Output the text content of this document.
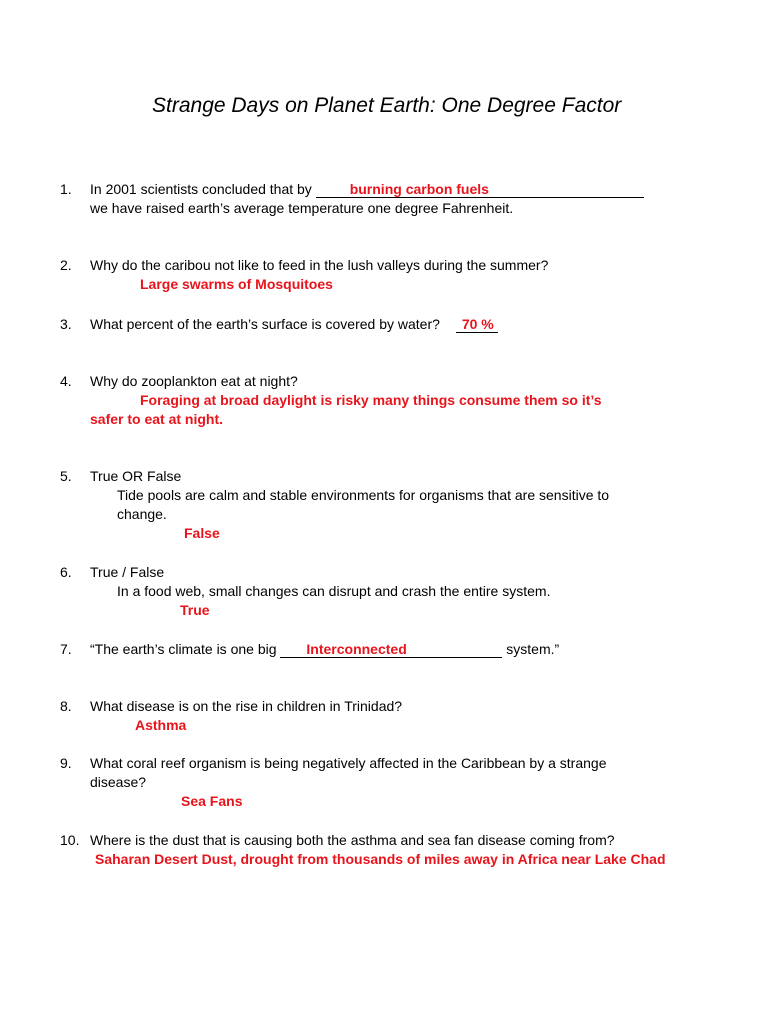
Strange Days on Planet Earth: One Degree Factor
1.	In 2001 scientists concluded that by	burning carbon fuels
we have raised earth’s average temperature one degree Fahrenheit.
2.	Why do the caribou not like to feed in the lush valleys during the summer?
Large swarms of Mosquitoes
3.	What percent of the earth’s surface is covered by water? 70 %
4.	Why do zooplankton eat at night?
Foraging at broad daylight is risky many things consume them so it’s
safer to eat at night.
5.	True OR False
Tide pools are calm and stable environments for organisms that are sensitive to change.
False
6.	True / False
In a food web, small changes can disrupt and crash the entire system.
True
7.	“The earth’s climate is one big Interconnected	system.”
8.	What disease is on the rise in children in Trinidad?
Asthma
9.	What coral reef organism is being negatively affected in the Caribbean by a strange disease?
Sea Fans
10. Where is the dust that is causing both the asthma and sea fan disease coming from?
Saharan Desert Dust, drought from thousands of miles away in Africa near Lake Chad
